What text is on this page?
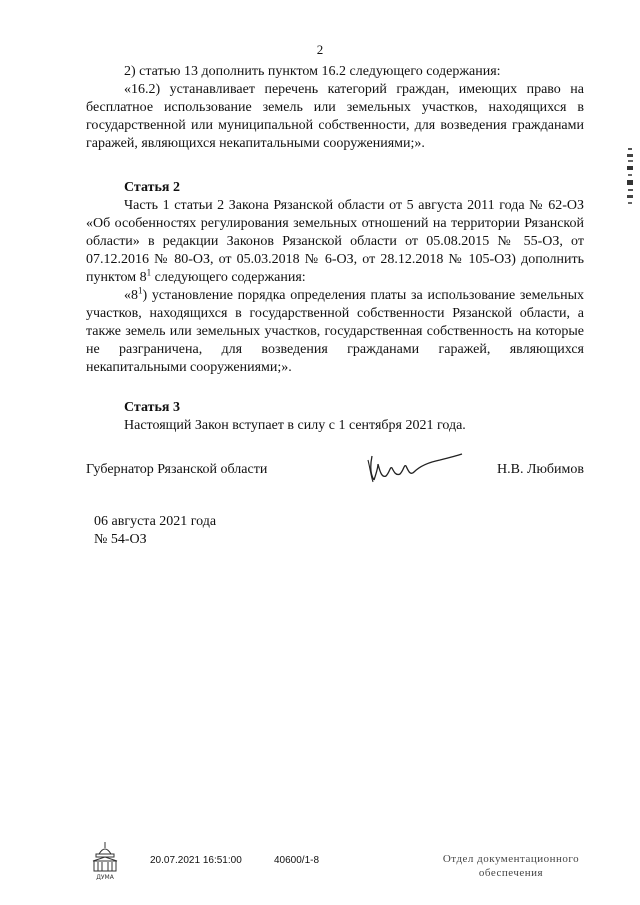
2

2) статью 13 дополнить пунктом 16.2 следующего содержания:

«16.2) устанавливает перечень категорий граждан, имеющих право на бесплатное использование земель или земельных участков, находящихся в государственной или муниципальной собственности, для возведения гражданами гаражей, являющихся некапитальными сооружениями;».

Статья 2

Часть 1 статьи 2 Закона Рязанской области от 5 августа 2011 года № 62-ОЗ «Об особенностях регулирования земельных отношений на территории Рязанской области» в редакции Законов Рязанской области от 05.08.2015 № 55-ОЗ, от 07.12.2016 № 80-ОЗ, от 05.03.2018 № 6-ОЗ, от 28.12.2018 № 105-ОЗ) дополнить пунктом $8^1$ следующего содержания:

«$8^1$) установление порядка определения платы за использование земельных участков, находящихся в государственной собственности Рязанской области, а также земель или земельных участков, государственная собственность на которые не разграничена, для возведения гражданами гаражей, являющихся некапитальными сооружениями;».

Статья 3

Настоящий Закон вступает в силу с 1 сентября 2021 года.

Губернатор Рязанской области	Н.В. Любимов
06 августа 2021 года
№ 54-ОЗ
ДУМА
20.07.2021 16:51:00	40600/1-8	Отдел документационного
обеспечения
